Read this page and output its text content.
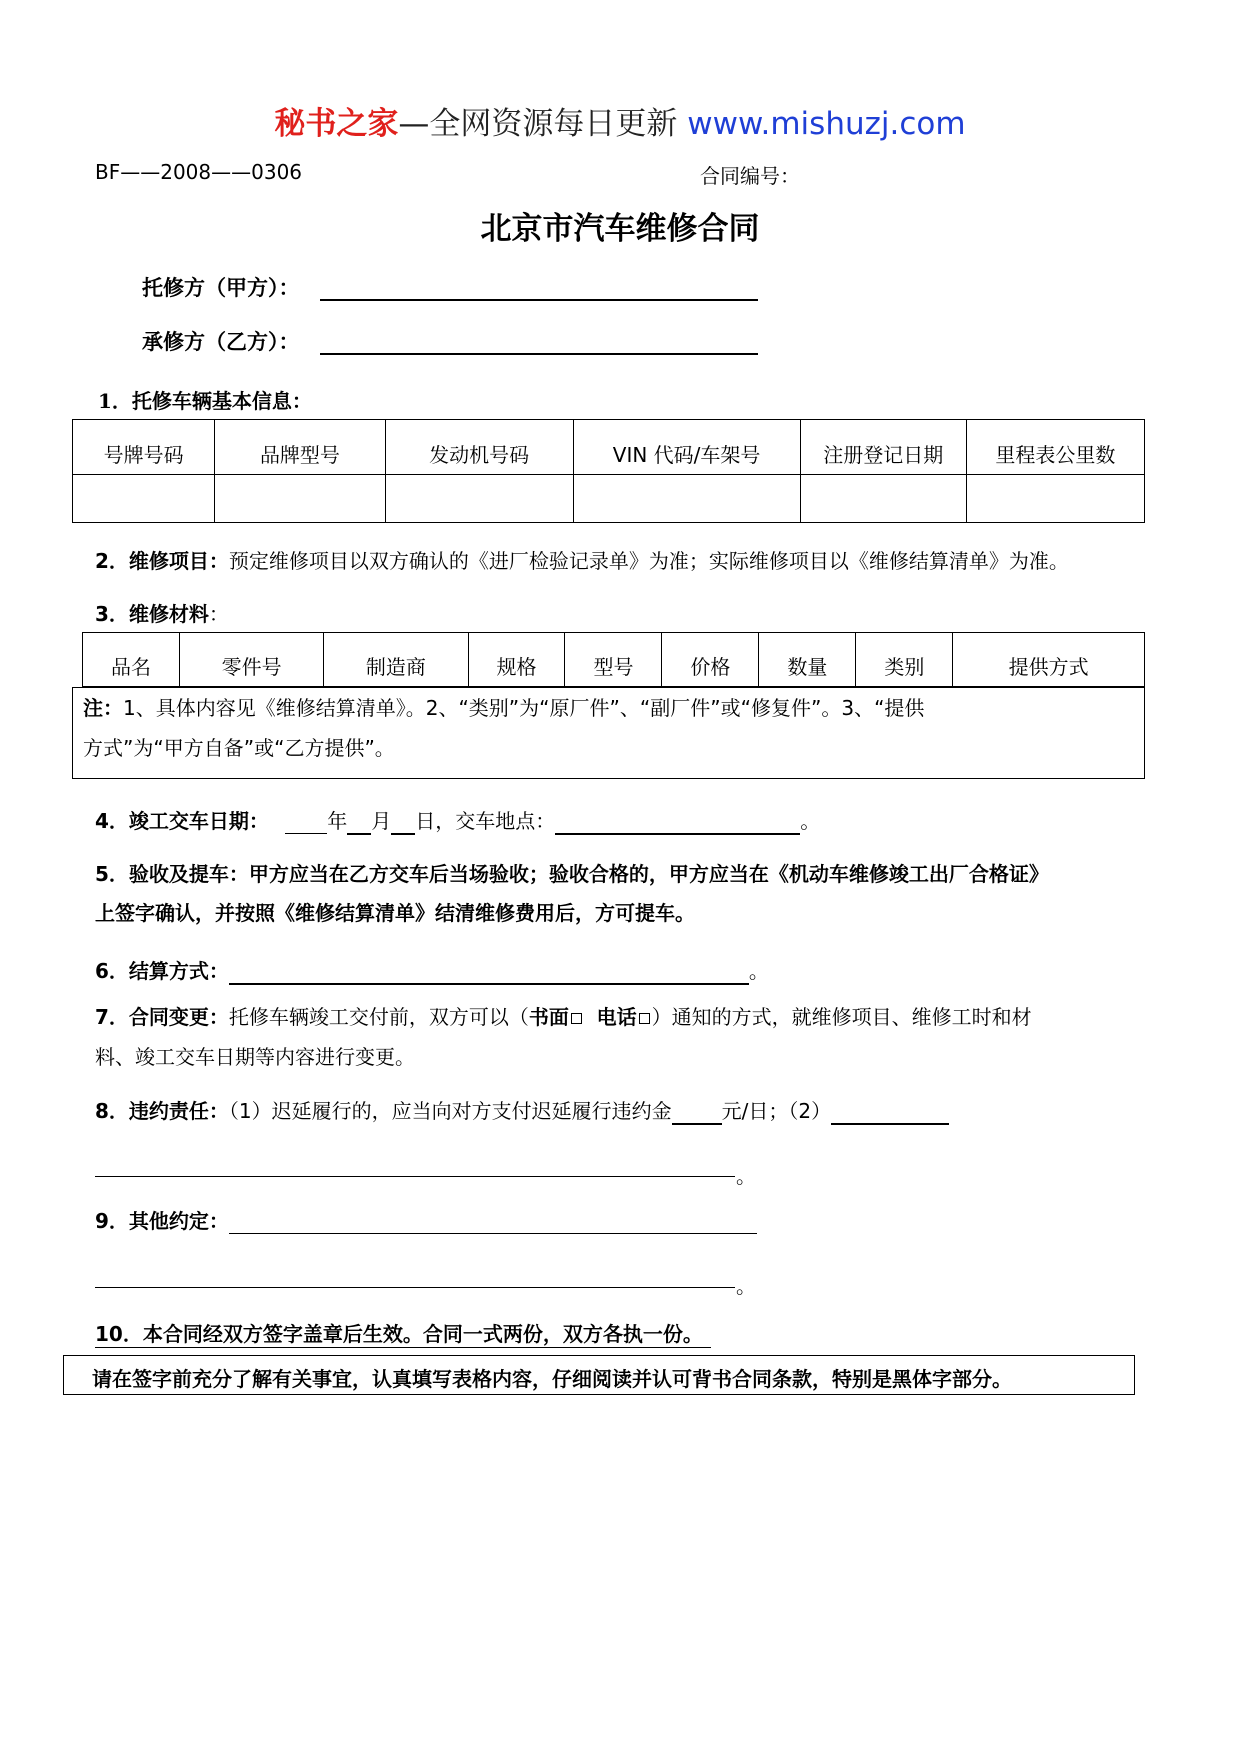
秘书之家—全网资源每日更新 www.mishuzj.com
BF——2008——0306	合同编号：
北京市汽车维修合同
托修方（甲方）：
承修方（乙方）：
1．托修车辆基本信息：
号牌号码	品牌型号	发动机号码	VIN 代码/车架号	注册登记日期	里程表公里数

2．维修项目：预定维修项目以双方确认的《进厂检验记录单》为准；实际维修项目以《维修结算清单》为准。
3．维修材料：
品名	零件号	制造商	规格	型号	价格	数量	类别	提供方式
注：1、具体内容见《维修结算清单》。2、“类别”为“原厂件”、“副厂件”或“修复件”。3、“提供
方式”为“甲方自备”或“乙方提供”。
4．竣工交车日期：	年 月 日，交车地点：	。
5．验收及提车：甲方应当在乙方交车后当场验收；验收合格的，甲方应当在《机动车维修竣工出厂合格证》
上签字确认，并按照《维修结算清单》结清维修费用后，方可提车。
6．结算方式：	。
7．合同变更：托修车辆竣工交付前，双方可以（书面 电话 ）通知的方式，就维修项目、维修工时和材
料、竣工交车日期等内容进行变更。
8．违约责任：（1）迟延履行的，应当向对方支付迟延履行违约金	元/日；（2）
。
9．其他约定：
。
10．本合同经双方签字盖章后生效。合同一式两份，双方各执一份。
请在签字前充分了解有关事宜，认真填写表格内容，仔细阅读并认可背书合同条款，特别是黑体字部分。
